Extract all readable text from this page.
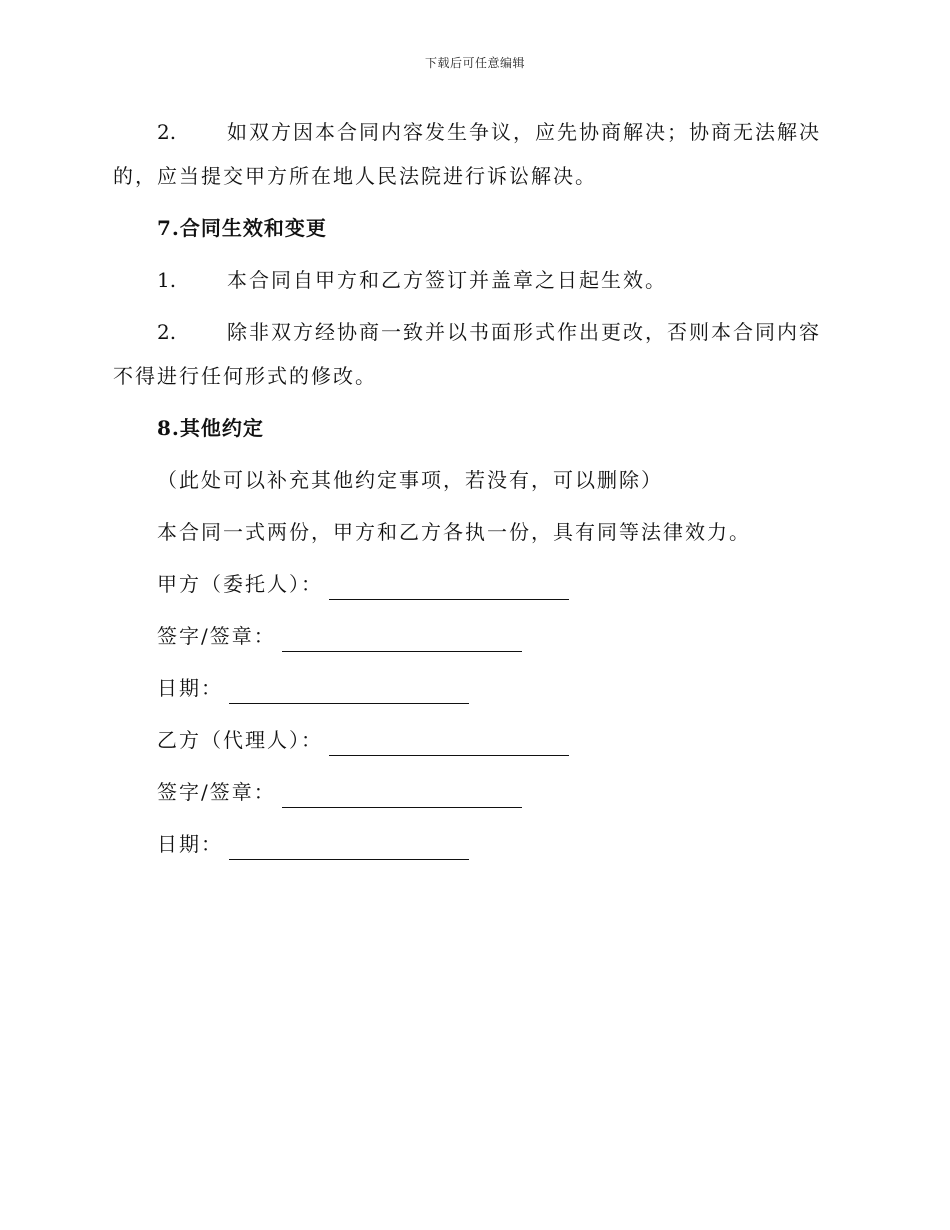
下载后可任意编辑

2.	如双方因本合同内容发生争议，应先协商解决；协商无法解决的，应当提交甲方所在地人民法院进行诉讼解决。

7.合同生效和变更

1.	本合同自甲方和乙方签订并盖章之日起生效。

2.	除非双方经协商一致并以书面形式作出更改，否则本合同内容不得进行任何形式的修改。

8.其他约定
（此处可以补充其他约定事项，若没有，可以删除）
本合同一式两份，甲方和乙方各执一份，具有同等法律效力。
甲方（委托人）：
签字/签章：
日期：
乙方（代理人）：
签字/签章：
日期：
